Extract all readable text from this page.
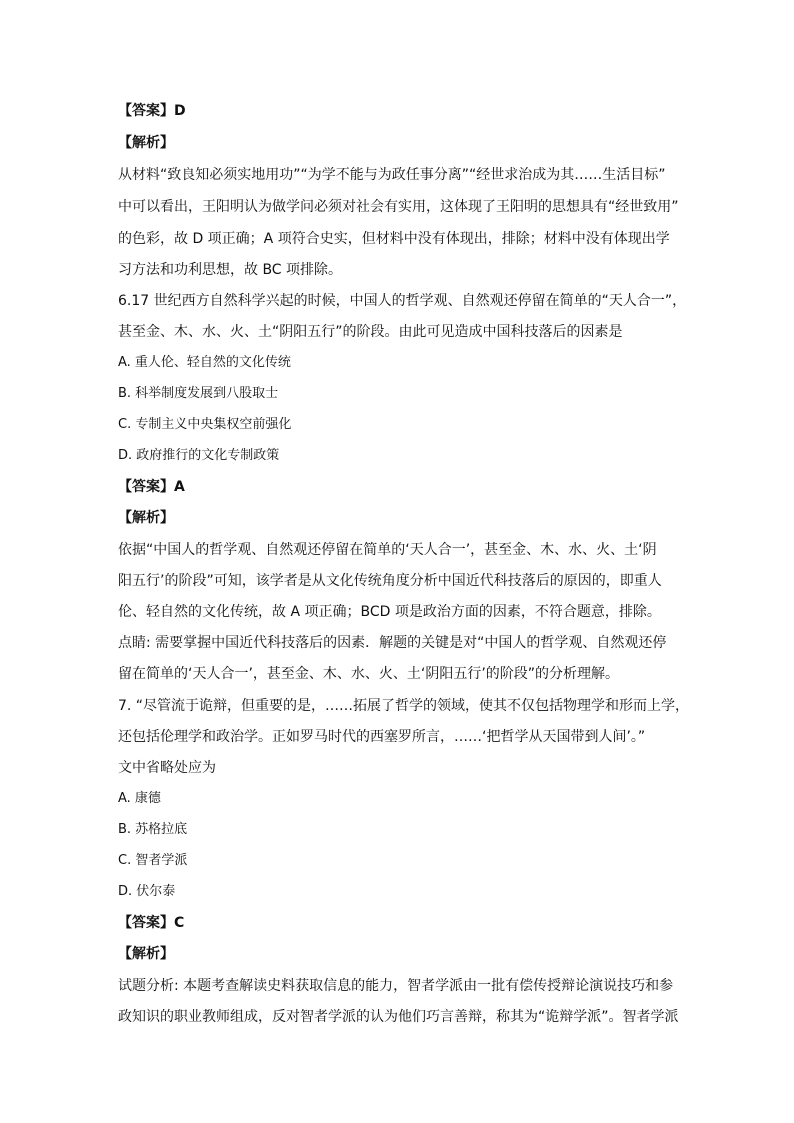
【答案】D
【解析】
从材料“致良知必须实地用功”“为学不能与为政任事分离”“经世求治成为其……生活目标”
中可以看出，王阳明认为做学问必须对社会有实用，这体现了王阳明的思想具有“经世致用”
的色彩，故 D 项正确；A 项符合史实，但材料中没有体现出，排除；材料中没有体现出学
习方法和功利思想，故 BC 项排除。
6.17 世纪西方自然科学兴起的时候，中国人的哲学观、自然观还停留在简单的“天人合一”，
甚至金、木、水、火、土“阴阳五行”的阶段。由此可见造成中国科技落后的因素是
A. 重人伦、轻自然的文化传统
B. 科举制度发展到八股取士
C. 专制主义中央集权空前强化
D. 政府推行的文化专制政策
【答案】A
【解析】
依据“中国人的哲学观、自然观还停留在简单的‘天人合一’，甚至金、木、水、火、土‘阴
阳五行’的阶段”可知，该学者是从文化传统角度分析中国近代科技落后的原因的，即重人
伦、轻自然的文化传统，故 A 项正确；BCD 项是政治方面的因素，不符合题意，排除。
点睛: 需要掌握中国近代科技落后的因素．解题的关键是对“中国人的哲学观、自然观还停
留在简单的‘天人合一’，甚至金、木、水、火、土‘阴阳五行’的阶段”的分析理解。
7. “尽管流于诡辩，但重要的是，……拓展了哲学的领域，使其不仅包括物理学和形而上学，
还包括伦理学和政治学。正如罗马时代的西塞罗所言，……‘把哲学从天国带到人间’。”
文中省略处应为
A. 康德
B. 苏格拉底
C. 智者学派
D. 伏尔泰
【答案】C
【解析】
试题分析: 本题考查解读史料获取信息的能力，智者学派由一批有偿传授辩论演说技巧和参
政知识的职业教师组成，反对智者学派的认为他们巧言善辩，称其为“诡辩学派”。智者学派
